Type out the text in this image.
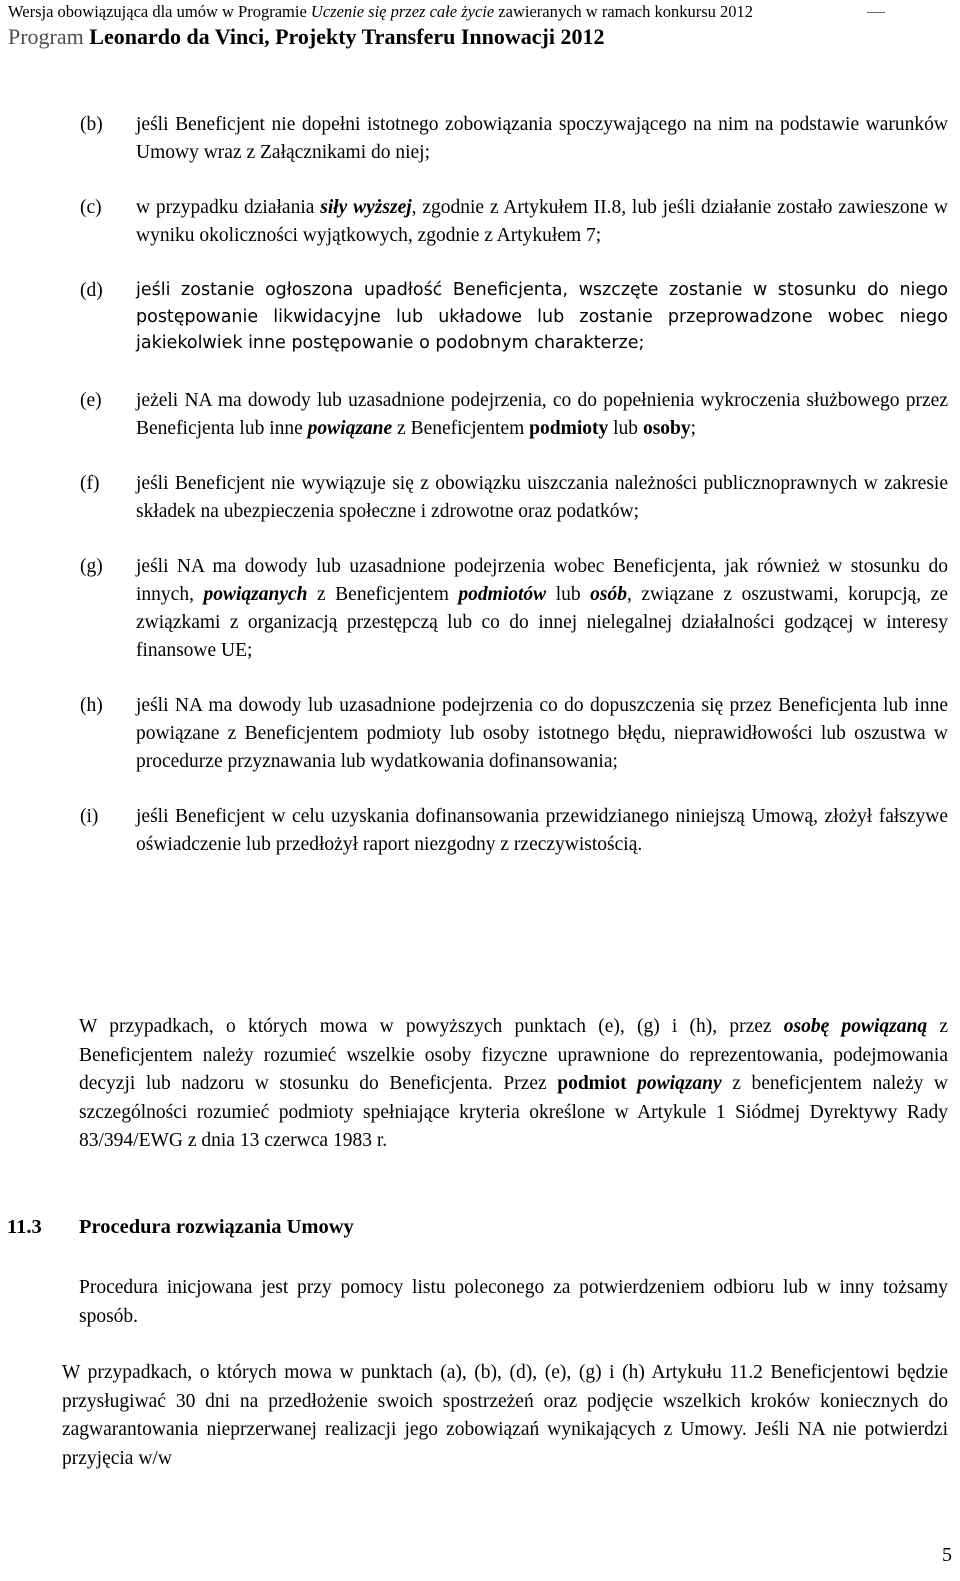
Wersja obowiązująca dla umów w Programie Uczenie się przez całe życie zawieranych w ramach konkursu 2012
Program Leonardo da Vinci, Projekty Transferu Innowacji 2012
(b) jeśli Beneficjent nie dopełni istotnego zobowiązania spoczywającego na nim na podstawie warunków Umowy wraz z Załącznikami do niej;
(c) w przypadku działania siły wyższej, zgodnie z Artykułem II.8, lub jeśli działanie zostało zawieszone w wyniku okoliczności wyjątkowych, zgodnie z Artykułem 7;
(d) jeśli zostanie ogłoszona upadłość Beneficjenta, wszczęte zostanie w stosunku do niego postępowanie likwidacyjne lub układowe lub zostanie przeprowadzone wobec niego jakiekolwiek inne postępowanie o podobnym charakterze;
(e) jeżeli NA ma dowody lub uzasadnione podejrzenia, co do popełnienia wykroczenia służbowego przez Beneficjenta lub inne powiązane z Beneficjentem podmioty lub osoby;
(f) jeśli Beneficjent nie wywiązuje się z obowiązku uiszczania należności publicznoprawnych w zakresie składek na ubezpieczenia społeczne i zdrowotne oraz podatków;
(g) jeśli NA ma dowody lub uzasadnione podejrzenia wobec Beneficjenta, jak również w stosunku do innych, powiązanych z Beneficjentem podmiotów lub osób, związane z oszustwami, korupcją, ze związkami z organizacją przestępczą lub co do innej nielegalnej działalności godzącej w interesy finansowe UE;
(h) jeśli NA ma dowody lub uzasadnione podejrzenia co do dopuszczenia się przez Beneficjenta lub inne powiązane z Beneficjentem podmioty lub osoby istotnego błędu, nieprawidłowości lub oszustwa w procedurze przyznawania lub wydatkowania dofinansowania;
(i) jeśli Beneficjent w celu uzyskania dofinansowania przewidzianego niniejszą Umową, złożył fałszywe oświadczenie lub przedłożył raport niezgodny z rzeczywistością.
W przypadkach, o których mowa w powyższych punktach (e), (g) i (h), przez osobę powiązaną z Beneficjentem należy rozumieć wszelkie osoby fizyczne uprawnione do reprezentowania, podejmowania decyzji lub nadzoru w stosunku do Beneficjenta. Przez podmiot powiązany z beneficjentem należy w szczególności rozumieć podmioty spełniające kryteria określone w Artykule 1 Siódmej Dyrektywy Rady 83/394/EWG z dnia 13 czerwca 1983 r.
11.3 Procedura rozwiązania Umowy
Procedura inicjowana jest przy pomocy listu poleconego za potwierdzeniem odbioru lub w inny tożsamy sposób.
W przypadkach, o których mowa w punktach (a), (b), (d), (e), (g) i (h) Artykułu 11.2 Beneficjentowi będzie przysługiwać 30 dni na przedłożenie swoich spostrzeżeń oraz podjęcie wszelkich kroków koniecznych do zagwarantowania nieprzerwanej realizacji jego zobowiązań wynikających z Umowy. Jeśli NA nie potwierdzi przyjęcia w/w
5
